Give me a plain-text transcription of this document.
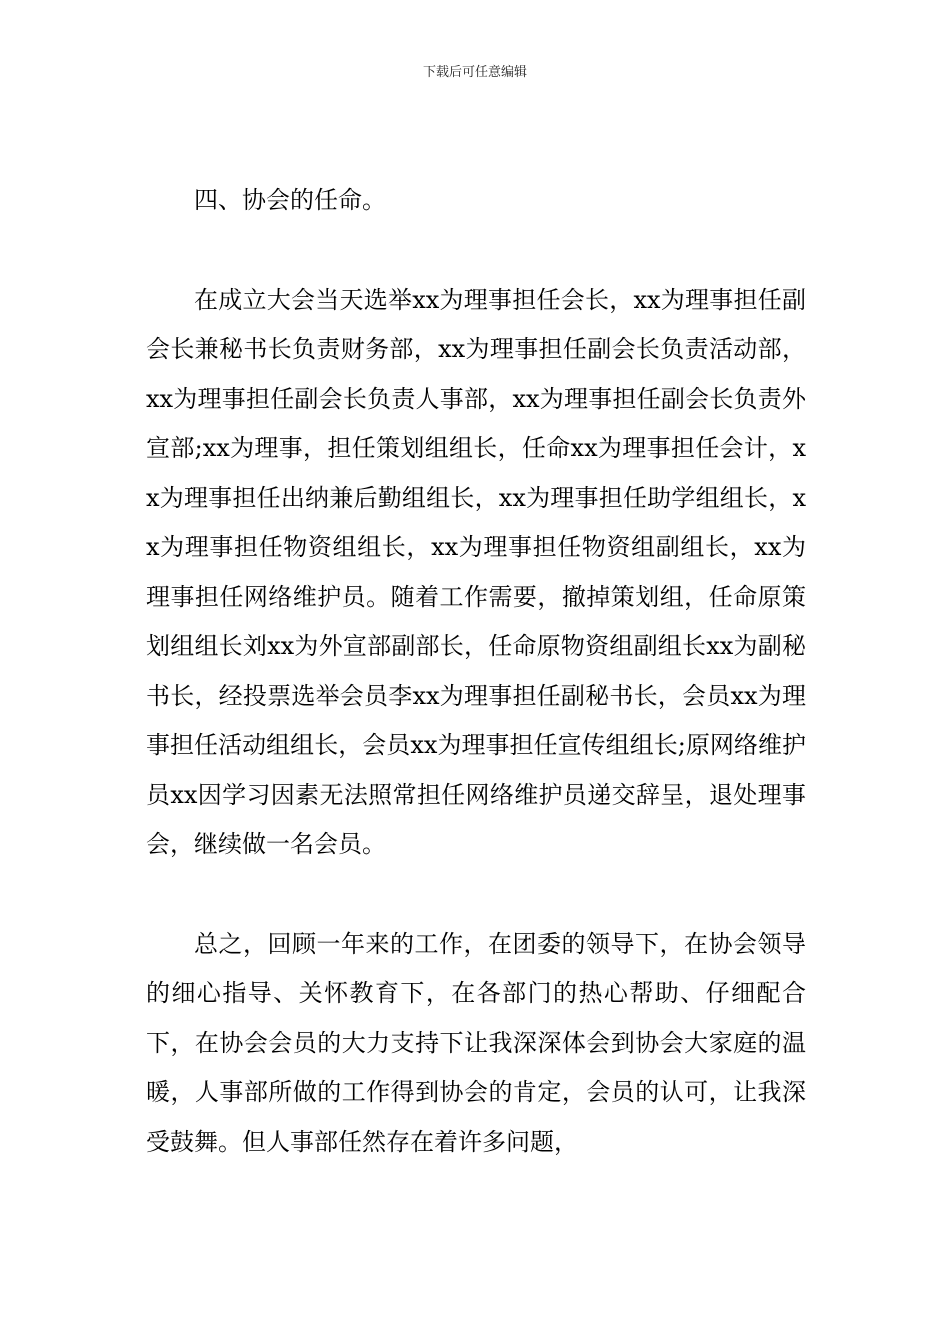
下载后可任意编辑

四、协会的任命。

在成立大会当天选举xx为理事担任会长，xx为理事担任副会长兼秘书长负责财务部，xx为理事担任副会长负责活动部，xx为理事担任副会长负责人事部，xx为理事担任副会长负责外宣部;xx为理事，担任策划组组长，任命xx为理事担任会计，xx为理事担任出纳兼后勤组组长，xx为理事担任助学组组长，xx为理事担任物资组组长，xx为理事担任物资组副组长，xx为理事担任网络维护员。随着工作需要，撤掉策划组，任命原策划组组长刘xx为外宣部副部长，任命原物资组副组长xx为副秘书长，经投票选举会员李xx为理事担任副秘书长，会员xx为理事担任活动组组长，会员xx为理事担任宣传组组长;原网络维护员xx因学习因素无法照常担任网络维护员递交辞呈，退处理事会，继续做一名会员。

总之，回顾一年来的工作，在团委的领导下，在协会领导的细心指导、关怀教育下，在各部门的热心帮助、仔细配合下，在协会会员的大力支持下让我深深体会到协会大家庭的温暖，人事部所做的工作得到协会的肯定，会员的认可，让我深受鼓舞。但人事部任然存在着许多问题，
